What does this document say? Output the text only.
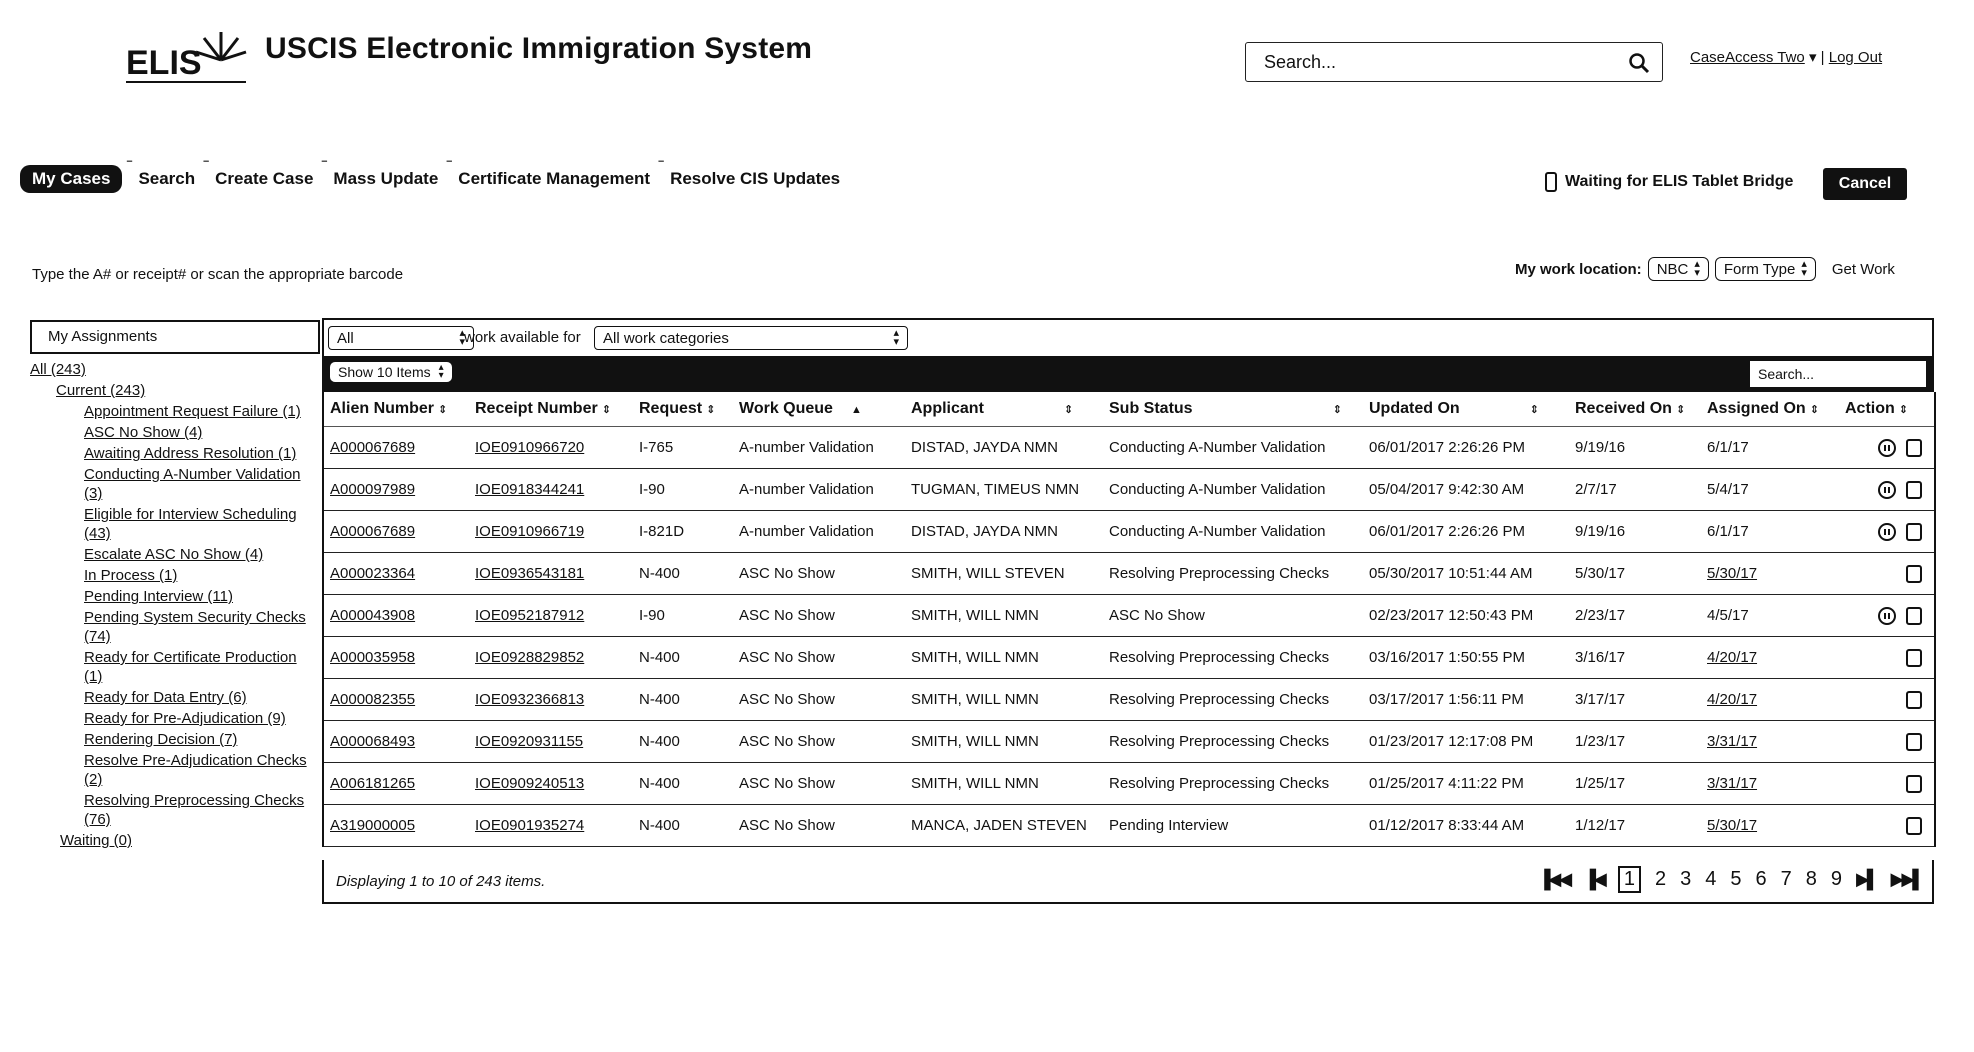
ELIS USCIS Electronic Immigration System
Search...	CaseAccess Two ▾ | Log Out
My Cases	ˉ Search	ˉ Create Case	ˉ Mass Update	ˉ Certificate Management	ˉ Resolve CIS Updates	Waiting for ELIS Tablet Bridge	Cancel
Type the A# or receipt# or scan the appropriate barcode	My work location: NBC ▴
▾ Form Type ▴
▾ Get Work
My Assignments
All (243)
Current (243)
Appointment Request Failure (1)
ASC No Show (4)
Awaiting Address Resolution (1)
Conducting A-Number Validation (3)
Eligible for Interview Scheduling (43)
Escalate ASC No Show (4)
In Process (1)
Pending Interview (11)
Pending System Security Checks (74)
Ready for Certificate Production (1)
Ready for Data Entry (6)
Ready for Pre-Adjudication (9)
Rendering Decision (7)
Resolve Pre-Adjudication Checks (2)
Resolving Preprocessing Checks (76)
Waiting (0)
All	▴
▾ work available for All work categories	▴
▾
Show 10 Items ▴
▾
Search...
Alien Number ⇕	Receipt Number ⇕	Request ⇕	Work Queue ▲	Applicant ⇕	Sub Status ⇕	Updated On ⇕	Received On ⇕	Assigned On ⇕	Action ⇕
A000067689	IOE0910966720	I-765	A-number Validation	DISTAD, JAYDA NMN	Conducting A-Number Validation	06/01/2017 2:26:26 PM	9/19/16	6/1/17	

A000097989	IOE0918344241	I-90	A-number Validation	TUGMAN, TIMEUS NMN	Conducting A-Number Validation	05/04/2017 9:42:30 AM	2/7/17	5/4/17	

A000067689	IOE0910966719	I-821D	A-number Validation	DISTAD, JAYDA NMN	Conducting A-Number Validation	06/01/2017 2:26:26 PM	9/19/16	6/1/17	

A000023364	IOE0936543181	N-400	ASC No Show	SMITH, WILL STEVEN	Resolving Preprocessing Checks	05/30/2017 10:51:44 AM	5/30/17	5/30/17	

A000043908	IOE0952187912	I-90	ASC No Show	SMITH, WILL NMN	ASC No Show	02/23/2017 12:50:43 PM	2/23/17	4/5/17	

A000035958	IOE0928829852	N-400	ASC No Show	SMITH, WILL NMN	Resolving Preprocessing Checks	03/16/2017 1:50:55 PM	3/16/17	4/20/17	

A000082355	IOE0932366813	N-400	ASC No Show	SMITH, WILL NMN	Resolving Preprocessing Checks	03/17/2017 1:56:11 PM	3/17/17	4/20/17	

A000068493	IOE0920931155	N-400	ASC No Show	SMITH, WILL NMN	Resolving Preprocessing Checks	01/23/2017 12:17:08 PM	1/23/17	3/31/17	

A006181265	IOE0909240513	N-400	ASC No Show	SMITH, WILL NMN	Resolving Preprocessing Checks	01/25/2017 4:11:22 PM	1/25/17	3/31/17	

A319000005	IOE0901935274	N-400	ASC No Show	MANCA, JADEN STEVEN	Pending Interview	01/12/2017 8:33:44 AM	1/12/17	5/30/17	
Displaying 1 to 10 of 243 items.	▐◀◀ ▐◀	1	2 3 4 5 6 7 8 9 ▶▌ ▶▶▌
